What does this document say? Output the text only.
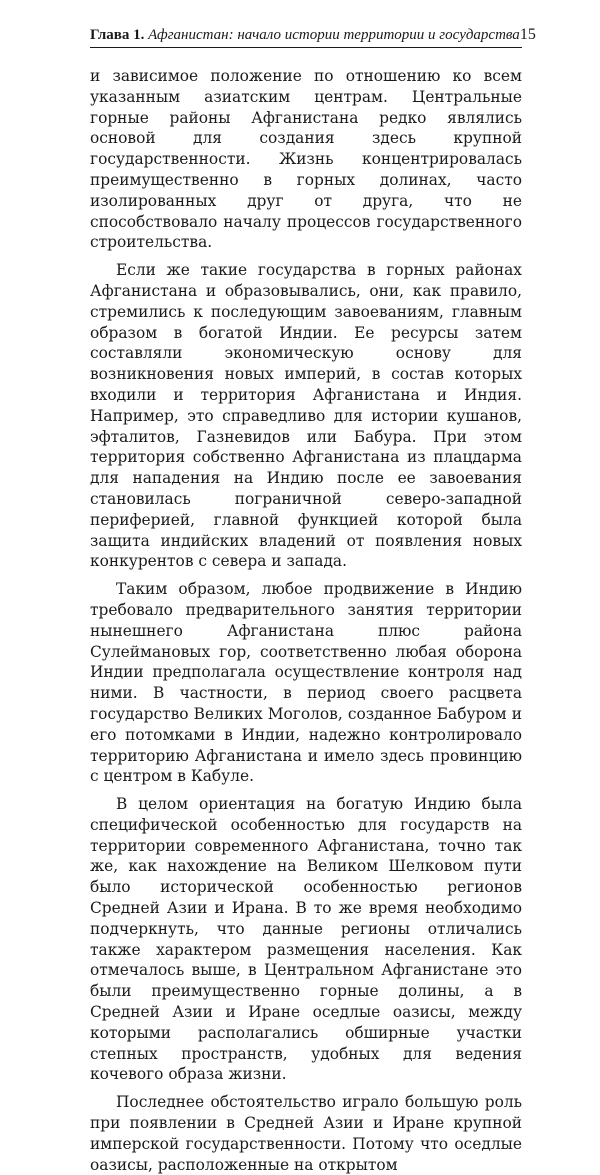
Глава 1. Афганистан: начало истории территории и государства 15

и зависимое положение по отношению ко всем указанным азиатским центрам. Центральные горные районы Афганистана редко являлись основой для создания здесь крупной государственности. Жизнь концентрировалась преимущественно в горных долинах, часто изолированных друг от друга, что не способствовало началу процессов государственного строительства.

Если же такие государства в горных районах Афганистана и образовывались, они, как правило, стремились к последующим завоеваниям, главным образом в богатой Индии. Ее ресурсы затем составляли экономическую основу для возникновения новых империй, в состав которых входили и территория Афганистана и Индия. Например, это справедливо для истории кушанов, эфталитов, Газневидов или Бабура. При этом территория собственно Афганистана из плацдарма для нападения на Индию после ее завоевания становилась пограничной северо-западной периферией, главной функцией которой была защита индийских владений от появления новых конкурентов с севера и запада.

Таким образом, любое продвижение в Индию требовало предварительного занятия территории нынешнего Афганистана плюс района Сулеймановых гор, соответственно любая оборона Индии предполагала осуществление контроля над ними. В частности, в период своего расцвета государство Великих Моголов, созданное Бабуром и его потомками в Индии, надежно контролировало территорию Афганистана и имело здесь провинцию с центром в Кабуле.

В целом ориентация на богатую Индию была специфической особенностью для государств на территории современного Афганистана, точно так же, как нахождение на Великом Шелковом пути было исторической особенностью регионов Средней Азии и Ирана. В то же время необходимо подчеркнуть, что данные регионы отличались также характером размещения населения. Как отмечалось выше, в Центральном Афганистане это были преимущественно горные долины, а в Средней Азии и Иране оседлые оазисы, между которыми располагались обширные участки степных пространств, удобных для ведения кочевого образа жизни.

Последнее обстоятельство играло большую роль при появлении в Средней Азии и Иране крупной имперской государственности. Потому что оседлые оазисы, расположенные на открытом
